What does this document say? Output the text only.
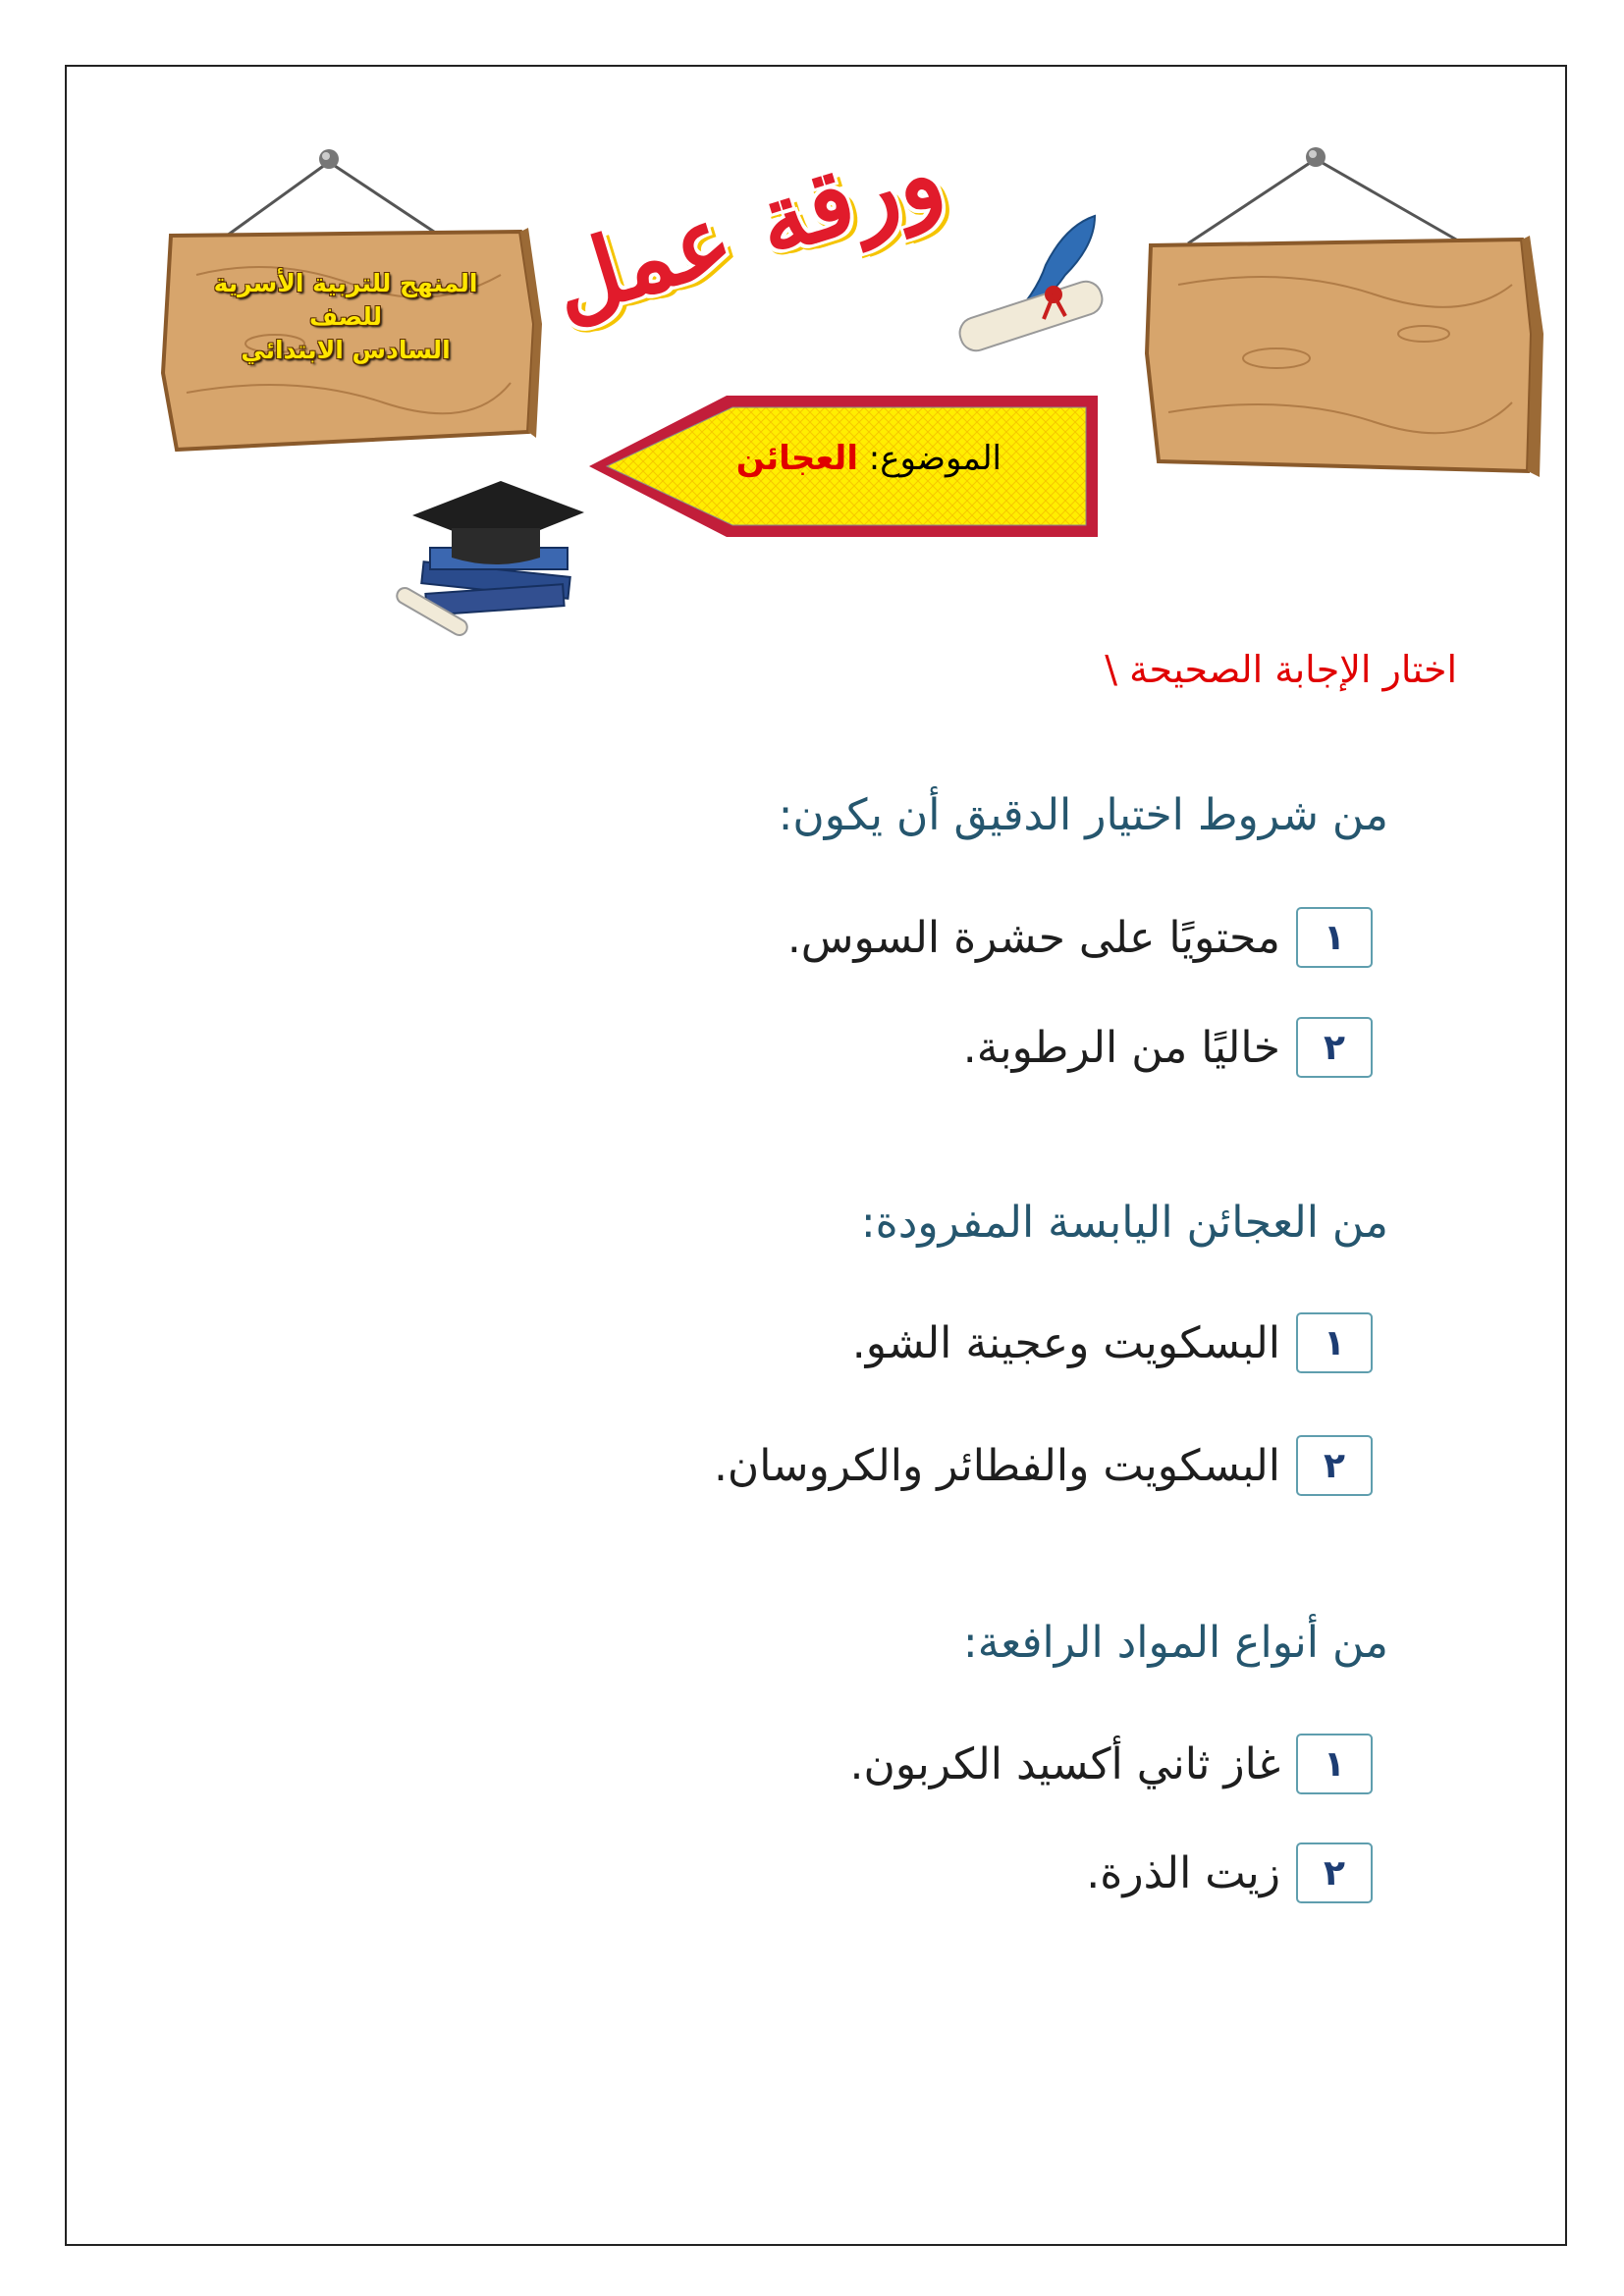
المنهج للتربية الأسرية
للصف
السادس الابتدائي
ورقة عمل
الموضوع: العجائن
اختار الإجابة الصحيحة \
من شروط اختيار الدقيق أن يكون:
١
محتويًا على حشرة السوس.
٢
خاليًا من الرطوبة.
من العجائن اليابسة المفرودة:
١
البسكويت وعجينة الشو.
٢
البسكويت والفطائر والكروسان.
من أنواع المواد الرافعة:
١
غاز ثاني أكسيد الكربون.
٢
زيت الذرة.
